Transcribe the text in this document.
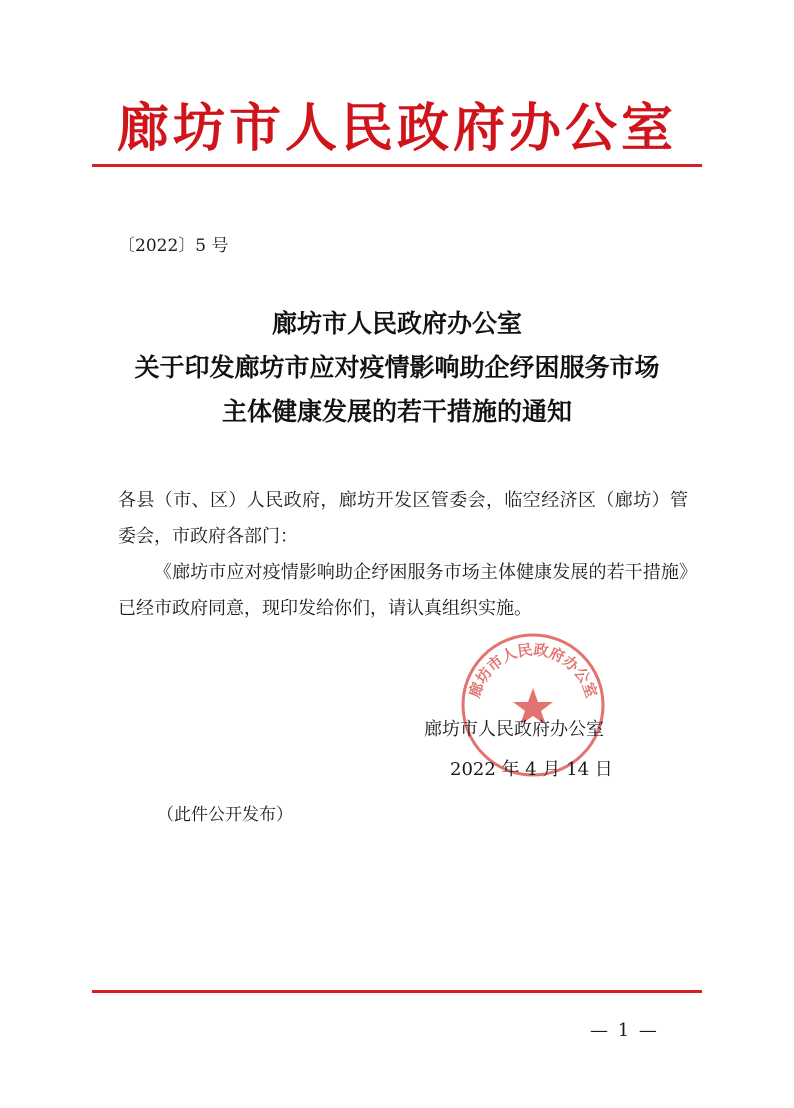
廊坊市人民政府办公室
〔2022〕5 号
廊坊市人民政府办公室
关于印发廊坊市应对疫情影响助企纾困服务市场
主体健康发展的若干措施的通知
各县（市、区）人民政府，廊坊开发区管委会，临空经济区（廊坊）管委会，市政府各部门：
《廊坊市应对疫情影响助企纾困服务市场主体健康发展的若干措施》已经市政府同意，现印发给你们，请认真组织实施。
廊坊市人民政府办公室
廊坊市人民政府办公室
2022 年 4 月 14 日
（此件公开发布）
— 1 —
